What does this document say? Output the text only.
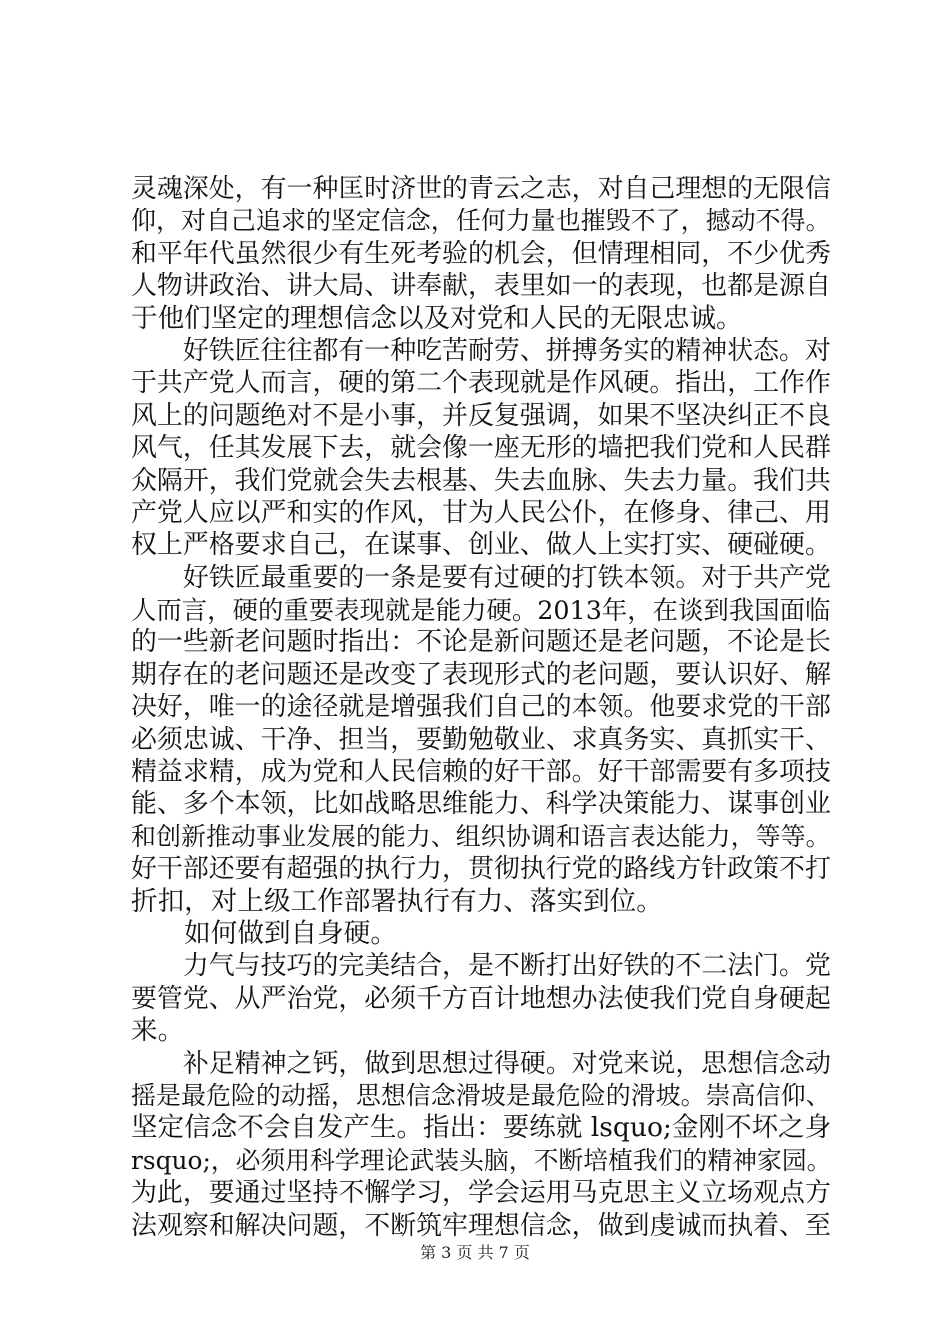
灵魂深处，有一种匡时济世的青云之志，对自己理想的无限信
仰，对自己追求的坚定信念，任何力量也摧毁不了，撼动不得。
和平年代虽然很少有生死考验的机会，但情理相同，不少优秀
人物讲政治、讲大局、讲奉献，表里如一的表现，也都是源自
于他们坚定的理想信念以及对党和人民的无限忠诚。
　　好铁匠往往都有一种吃苦耐劳、拼搏务实的精神状态。对
于共产党人而言，硬的第二个表现就是作风硬。指出，工作作
风上的问题绝对不是小事，并反复强调，如果不坚决纠正不良
风气，任其发展下去，就会像一座无形的墙把我们党和人民群
众隔开，我们党就会失去根基、失去血脉、失去力量。我们共
产党人应以严和实的作风，甘为人民公仆，在修身、律己、用
权上严格要求自己，在谋事、创业、做人上实打实、硬碰硬。
　　好铁匠最重要的一条是要有过硬的打铁本领。对于共产党
人而言，硬的重要表现就是能力硬。2013年，在谈到我国面临
的一些新老问题时指出：不论是新问题还是老问题，不论是长
期存在的老问题还是改变了表现形式的老问题，要认识好、解
决好，唯一的途径就是增强我们自己的本领。他要求党的干部
必须忠诚、干净、担当，要勤勉敬业、求真务实、真抓实干、
精益求精，成为党和人民信赖的好干部。好干部需要有多项技
能、多个本领，比如战略思维能力、科学决策能力、谋事创业
和创新推动事业发展的能力、组织协调和语言表达能力，等等。
好干部还要有超强的执行力，贯彻执行党的路线方针政策不打
折扣，对上级工作部署执行有力、落实到位。
　　如何做到自身硬。
　　力气与技巧的完美结合，是不断打出好铁的不二法门。党
要管党、从严治党，必须千方百计地想办法使我们党自身硬起
来。
　　补足精神之钙，做到思想过得硬。对党来说，思想信念动
摇是最危险的动摇，思想信念滑坡是最危险的滑坡。崇高信仰、
坚定信念不会自发产生。指出：要练就 lsquo;金刚不坏之身
rsquo;，必须用科学理论武装头脑，不断培植我们的精神家园。
为此，要通过坚持不懈学习，学会运用马克思主义立场观点方
法观察和解决问题，不断筑牢理想信念，做到虔诚而执着、至
第 3 页 共 7 页
